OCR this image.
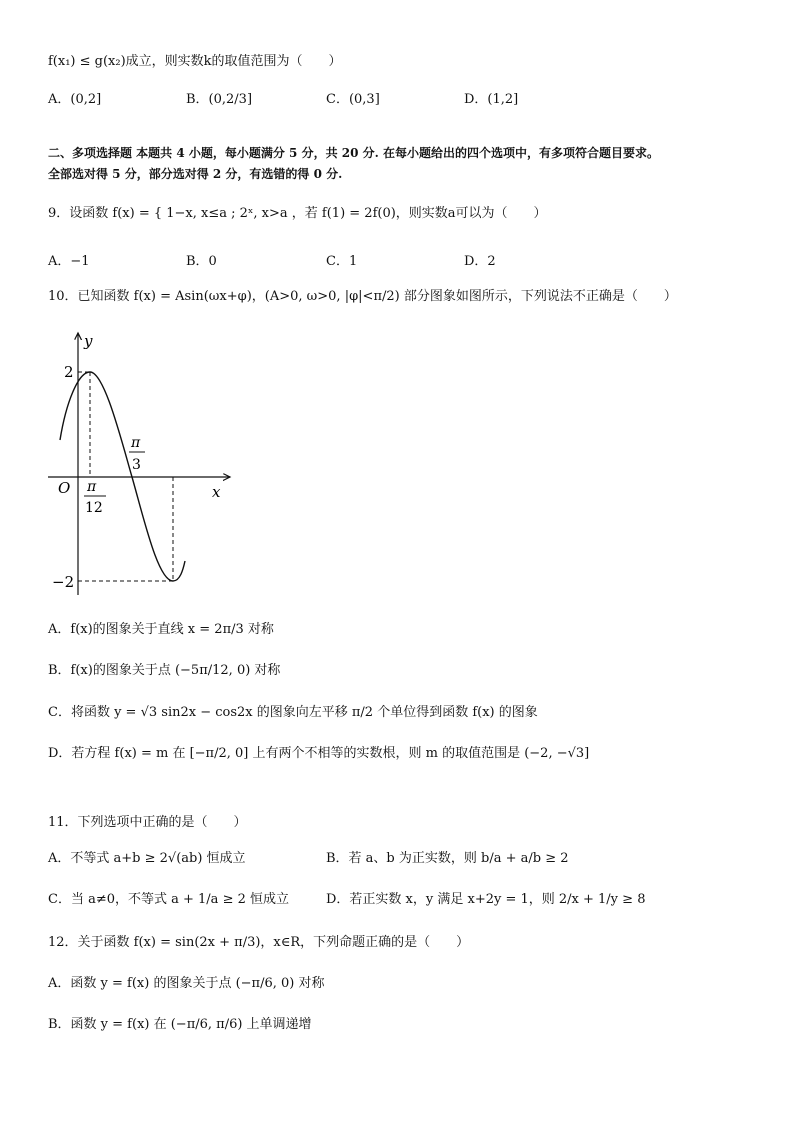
f(x₁) ≤ g(x₂)成立，则实数k的取值范围为（　　）
A．(0,2]	B．(0,2/3]	C．(0,3]	D．(1,2]
二、多项选择题 本题共 4 小题，每小题满分 5 分，共 20 分. 在每小题给出的四个选项中，有多项符合题目要求。
全部选对得 5 分，部分选对得 2 分，有选错的得 0 分.
9．设函数 f(x) = { 1−x, x≤a ; 2ˣ, x>a ，若 f(1) = 2f(0)，则实数a可以为（　　）
A．−1	B．0	C．1	D．2
10．已知函数 f(x) = Asin(ωx+φ)，(A>0, ω>0, |φ|<π/2) 部分图象如图所示，下列说法不正确是（　　）
y
x
O
2
−2
π
12
π
3
A．f(x)的图象关于直线 x = 2π/3 对称
B．f(x)的图象关于点 (−5π/12, 0) 对称
C．将函数 y = √3 sin2x − cos2x 的图象向左平移 π/2 个单位得到函数 f(x) 的图象
D．若方程 f(x) = m 在 [−π/2, 0] 上有两个不相等的实数根，则 m 的取值范围是 (−2, −√3]
11．下列选项中正确的是（　　）
A．不等式 a+b ≥ 2√(ab) 恒成立	B．若 a、b 为正实数，则 b/a + a/b ≥ 2
C．当 a≠0，不等式 a + 1/a ≥ 2 恒成立	D．若正实数 x，y 满足 x+2y = 1，则 2/x + 1/y ≥ 8
12．关于函数 f(x) = sin(2x + π/3)，x∈R，下列命题正确的是（　　）
A．函数 y = f(x) 的图象关于点 (−π/6, 0) 对称
B．函数 y = f(x) 在 (−π/6, π/6) 上单调递增
